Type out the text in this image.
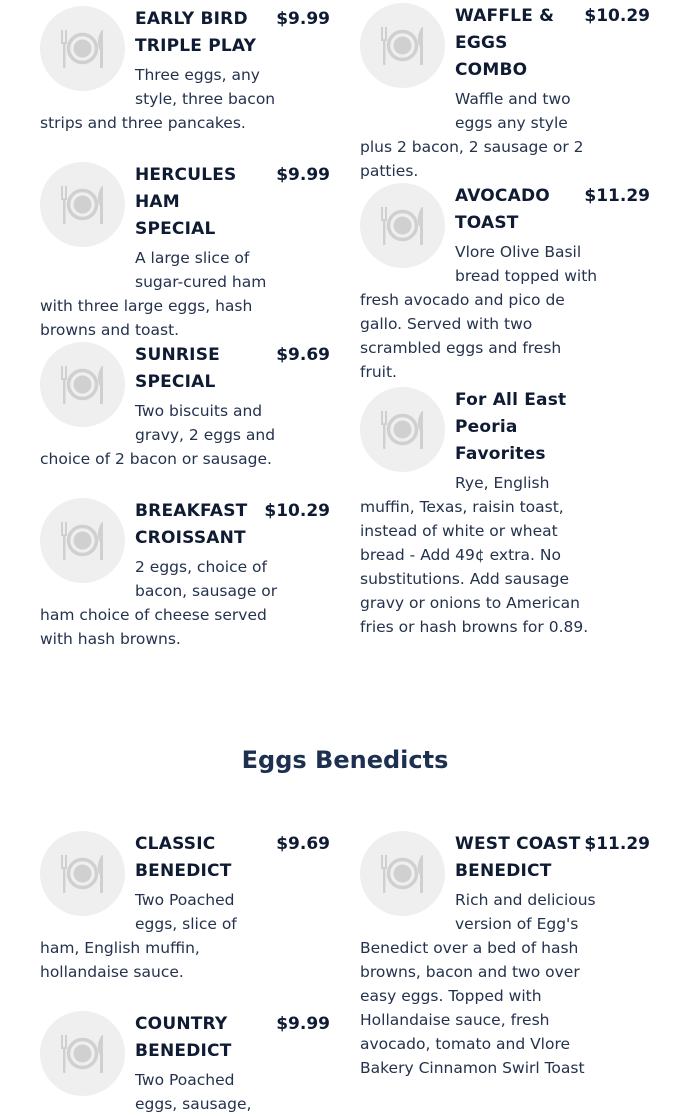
EARLY BIRD TRIPLE PLAY
$9.99
Three eggs, any style, three bacon strips and three pancakes.
HERCULES HAM SPECIAL
$9.99
A large slice of sugar-cured ham with three large eggs, hash browns and toast.
SUNRISE SPECIAL
$9.69
Two biscuits and gravy, 2 eggs and choice of 2 bacon or sausage.
BREAKFAST CROISSANT
$10.29
2 eggs, choice of bacon, sausage or ham choice of cheese served with hash browns.
WAFFLE & EGGS COMBO
$10.29
Waffle and two eggs any style plus 2 bacon, 2 sausage or 2 patties.
AVOCADO TOAST
$11.29
Vlore Olive Basil bread topped with fresh avocado and pico de gallo. Served with two scrambled eggs and fresh fruit.
For All East Peoria Favorites
Rye, English muffin, Texas, raisin toast, instead of white or wheat bread - Add 49¢ extra. No substitutions. Add sausage gravy or onions to American fries or hash browns for 0.89.
Eggs Benedicts
CLASSIC BENEDICT
$9.69
Two Poached eggs, slice of ham, English muffin, hollandaise sauce.
COUNTRY BENEDICT
$9.99
Two Poached eggs, sausage,
WEST COAST BENEDICT
$11.29
Rich and delicious version of Egg's Benedict over a bed of hash browns, bacon and two over easy eggs. Topped with Hollandaise sauce, fresh avocado, tomato and Vlore Bakery Cinnamon Swirl Toast
